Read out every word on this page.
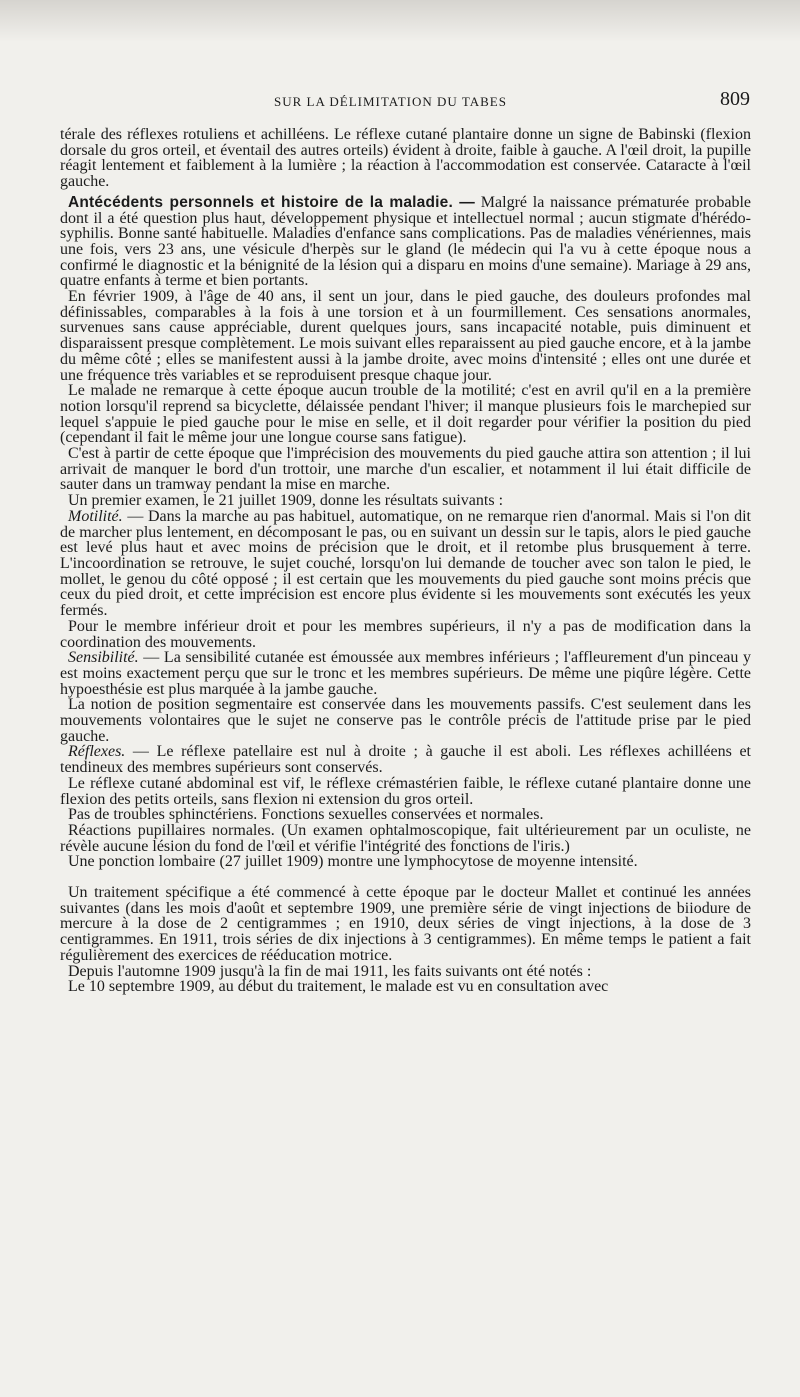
SUR LA DÉLIMITATION DU TABES	809

térale des réflexes rotuliens et achilléens. Le réflexe cutané plantaire donne un signe de Babinski (flexion dorsale du gros orteil, et éventail des autres orteils) évident à droite, faible à gauche. A l'œil droit, la pupille réagit lentement et faiblement à la lumière ; la réaction à l'accommodation est conservée. Cataracte à l'œil gauche.

Antécédents personnels et histoire de la maladie. — Malgré la naissance prématurée probable dont il a été question plus haut, développement physique et intellectuel normal ; aucun stigmate d'hérédo-syphilis. Bonne santé habituelle. Maladies d'enfance sans complications. Pas de maladies vénériennes, mais une fois, vers 23 ans, une vésicule d'herpès sur le gland (le médecin qui l'a vu à cette époque nous a confirmé le diagnostic et la bénignité de la lésion qui a disparu en moins d'une semaine). Mariage à 29 ans, quatre enfants à terme et bien portants.

En février 1909, à l'âge de 40 ans, il sent un jour, dans le pied gauche, des douleurs profondes mal définissables, comparables à la fois à une torsion et à un fourmillement. Ces sensations anormales, survenues sans cause appréciable, durent quelques jours, sans incapacité notable, puis diminuent et disparaissent presque complètement. Le mois suivant elles reparaissent au pied gauche encore, et à la jambe du même côté ; elles se manifestent aussi à la jambe droite, avec moins d'intensité ; elles ont une durée et une fréquence très variables et se reproduisent presque chaque jour.

Le malade ne remarque à cette époque aucun trouble de la motilité; c'est en avril qu'il en a la première notion lorsqu'il reprend sa bicyclette, délaissée pendant l'hiver; il manque plusieurs fois le marchepied sur lequel s'appuie le pied gauche pour le mise en selle, et il doit regarder pour vérifier la position du pied (cependant il fait le même jour une longue course sans fatigue).

C'est à partir de cette époque que l'imprécision des mouvements du pied gauche attira son attention ; il lui arrivait de manquer le bord d'un trottoir, une marche d'un escalier, et notamment il lui était difficile de sauter dans un tramway pendant la mise en marche.

Un premier examen, le 21 juillet 1909, donne les résultats suivants :

Motilité. — Dans la marche au pas habituel, automatique, on ne remarque rien d'anormal. Mais si l'on dit de marcher plus lentement, en décomposant le pas, ou en suivant un dessin sur le tapis, alors le pied gauche est levé plus haut et avec moins de précision que le droit, et il retombe plus brusquement à terre. L'incoordination se retrouve, le sujet couché, lorsqu'on lui demande de toucher avec son talon le pied, le mollet, le genou du côté opposé ; il est certain que les mouvements du pied gauche sont moins précis que ceux du pied droit, et cette imprécision est encore plus évidente si les mouvements sont exécutés les yeux fermés.

Pour le membre inférieur droit et pour les membres supérieurs, il n'y a pas de modification dans la coordination des mouvements.

Sensibilité. — La sensibilité cutanée est émoussée aux membres inférieurs ; l'affleurement d'un pinceau y est moins exactement perçu que sur le tronc et les membres supérieurs. De même une piqûre légère. Cette hypoesthésie est plus marquée à la jambe gauche.

La notion de position segmentaire est conservée dans les mouvements passifs. C'est seulement dans les mouvements volontaires que le sujet ne conserve pas le contrôle précis de l'attitude prise par le pied gauche.

Réflexes. — Le réflexe patellaire est nul à droite ; à gauche il est aboli. Les réflexes achilléens et tendineux des membres supérieurs sont conservés.

Le réflexe cutané abdominal est vif, le réflexe crémastérien faible, le réflexe cutané plantaire donne une flexion des petits orteils, sans flexion ni extension du gros orteil.

Pas de troubles sphinctériens. Fonctions sexuelles conservées et normales.

Réactions pupillaires normales. (Un examen ophtalmoscopique, fait ultérieurement par un oculiste, ne révèle aucune lésion du fond de l'œil et vérifie l'intégrité des fonctions de l'iris.)

Une ponction lombaire (27 juillet 1909) montre une lymphocytose de moyenne intensité.

Un traitement spécifique a été commencé à cette époque par le docteur Mallet et continué les années suivantes (dans les mois d'août et septembre 1909, une première série de vingt injections de biiodure de mercure à la dose de 2 centigrammes ; en 1910, deux séries de vingt injections, à la dose de 3 centigrammes. En 1911, trois séries de dix injections à 3 centigrammes). En même temps le patient a fait régulièrement des exercices de rééducation motrice.

Depuis l'automne 1909 jusqu'à la fin de mai 1911, les faits suivants ont été notés :

Le 10 septembre 1909, au début du traitement, le malade est vu en consultation avec
